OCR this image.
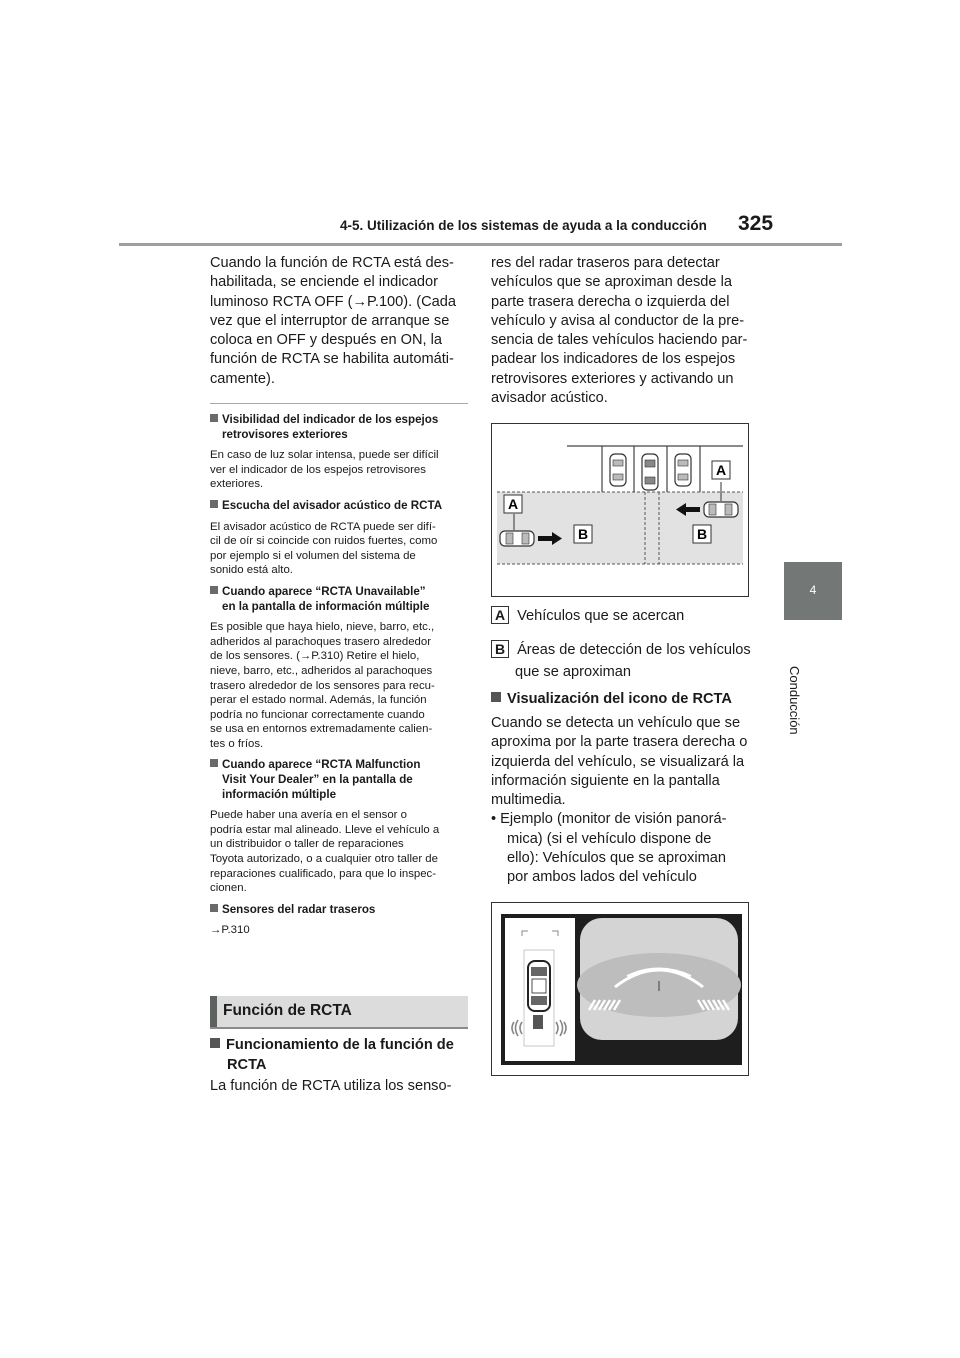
4-5. Utilización de los sistemas de ayuda a la conducción 325
4
Conducción
Cuando la función de RCTA está des-
habilitada, se enciende el indicador
luminoso RCTA OFF (→P.100). (Cada
vez que el interruptor de arranque se
coloca en OFF y después en ON, la
función de RCTA se habilita automáti-
camente).
Visibilidad del indicador de los espejos
retrovisores exteriores
En caso de luz solar intensa, puede ser difícil
ver el indicador de los espejos retrovisores
exteriores.
Escucha del avisador acústico de RCTA
El avisador acústico de RCTA puede ser difí-
cil de oír si coincide con ruidos fuertes, como
por ejemplo si el volumen del sistema de
sonido está alto.
Cuando aparece “RCTA Unavailable”
en la pantalla de información múltiple
Es posible que haya hielo, nieve, barro, etc.,
adheridos al parachoques trasero alrededor
de los sensores. (→P.310) Retire el hielo,
nieve, barro, etc., adheridos al parachoques
trasero alrededor de los sensores para recu-
perar el estado normal. Además, la función
podría no funcionar correctamente cuando
se usa en entornos extremadamente calien-
tes o fríos.
Cuando aparece “RCTA Malfunction
Visit Your Dealer” en la pantalla de
información múltiple
Puede haber una avería en el sensor o
podría estar mal alineado. Lleve el vehículo a
un distribuidor o taller de reparaciones
Toyota autorizado, o a cualquier otro taller de
reparaciones cualificado, para que lo inspec-
cionen.
Sensores del radar traseros
→P.310
Función de RCTA
Funcionamiento de la función de
RCTA
La función de RCTA utiliza los senso-
res del radar traseros para detectar
vehículos que se aproximan desde la
parte trasera derecha o izquierda del
vehículo y avisa al conductor de la pre-
sencia de tales vehículos haciendo par-
padear los indicadores de los espejos
retrovisores exteriores y activando un
avisador acústico.
A
A
B	B
A Vehículos que se acercan
B Áreas de detección de los vehículos
que se aproximan
Visualización del icono de RCTA
Cuando se detecta un vehículo que se
aproxima por la parte trasera derecha o
izquierda del vehículo, se visualizará la
información siguiente en la pantalla
multimedia.
• Ejemplo (monitor de visión panorá-
mica) (si el vehículo dispone de
ello): Vehículos que se aproximan
por ambos lados del vehículo
